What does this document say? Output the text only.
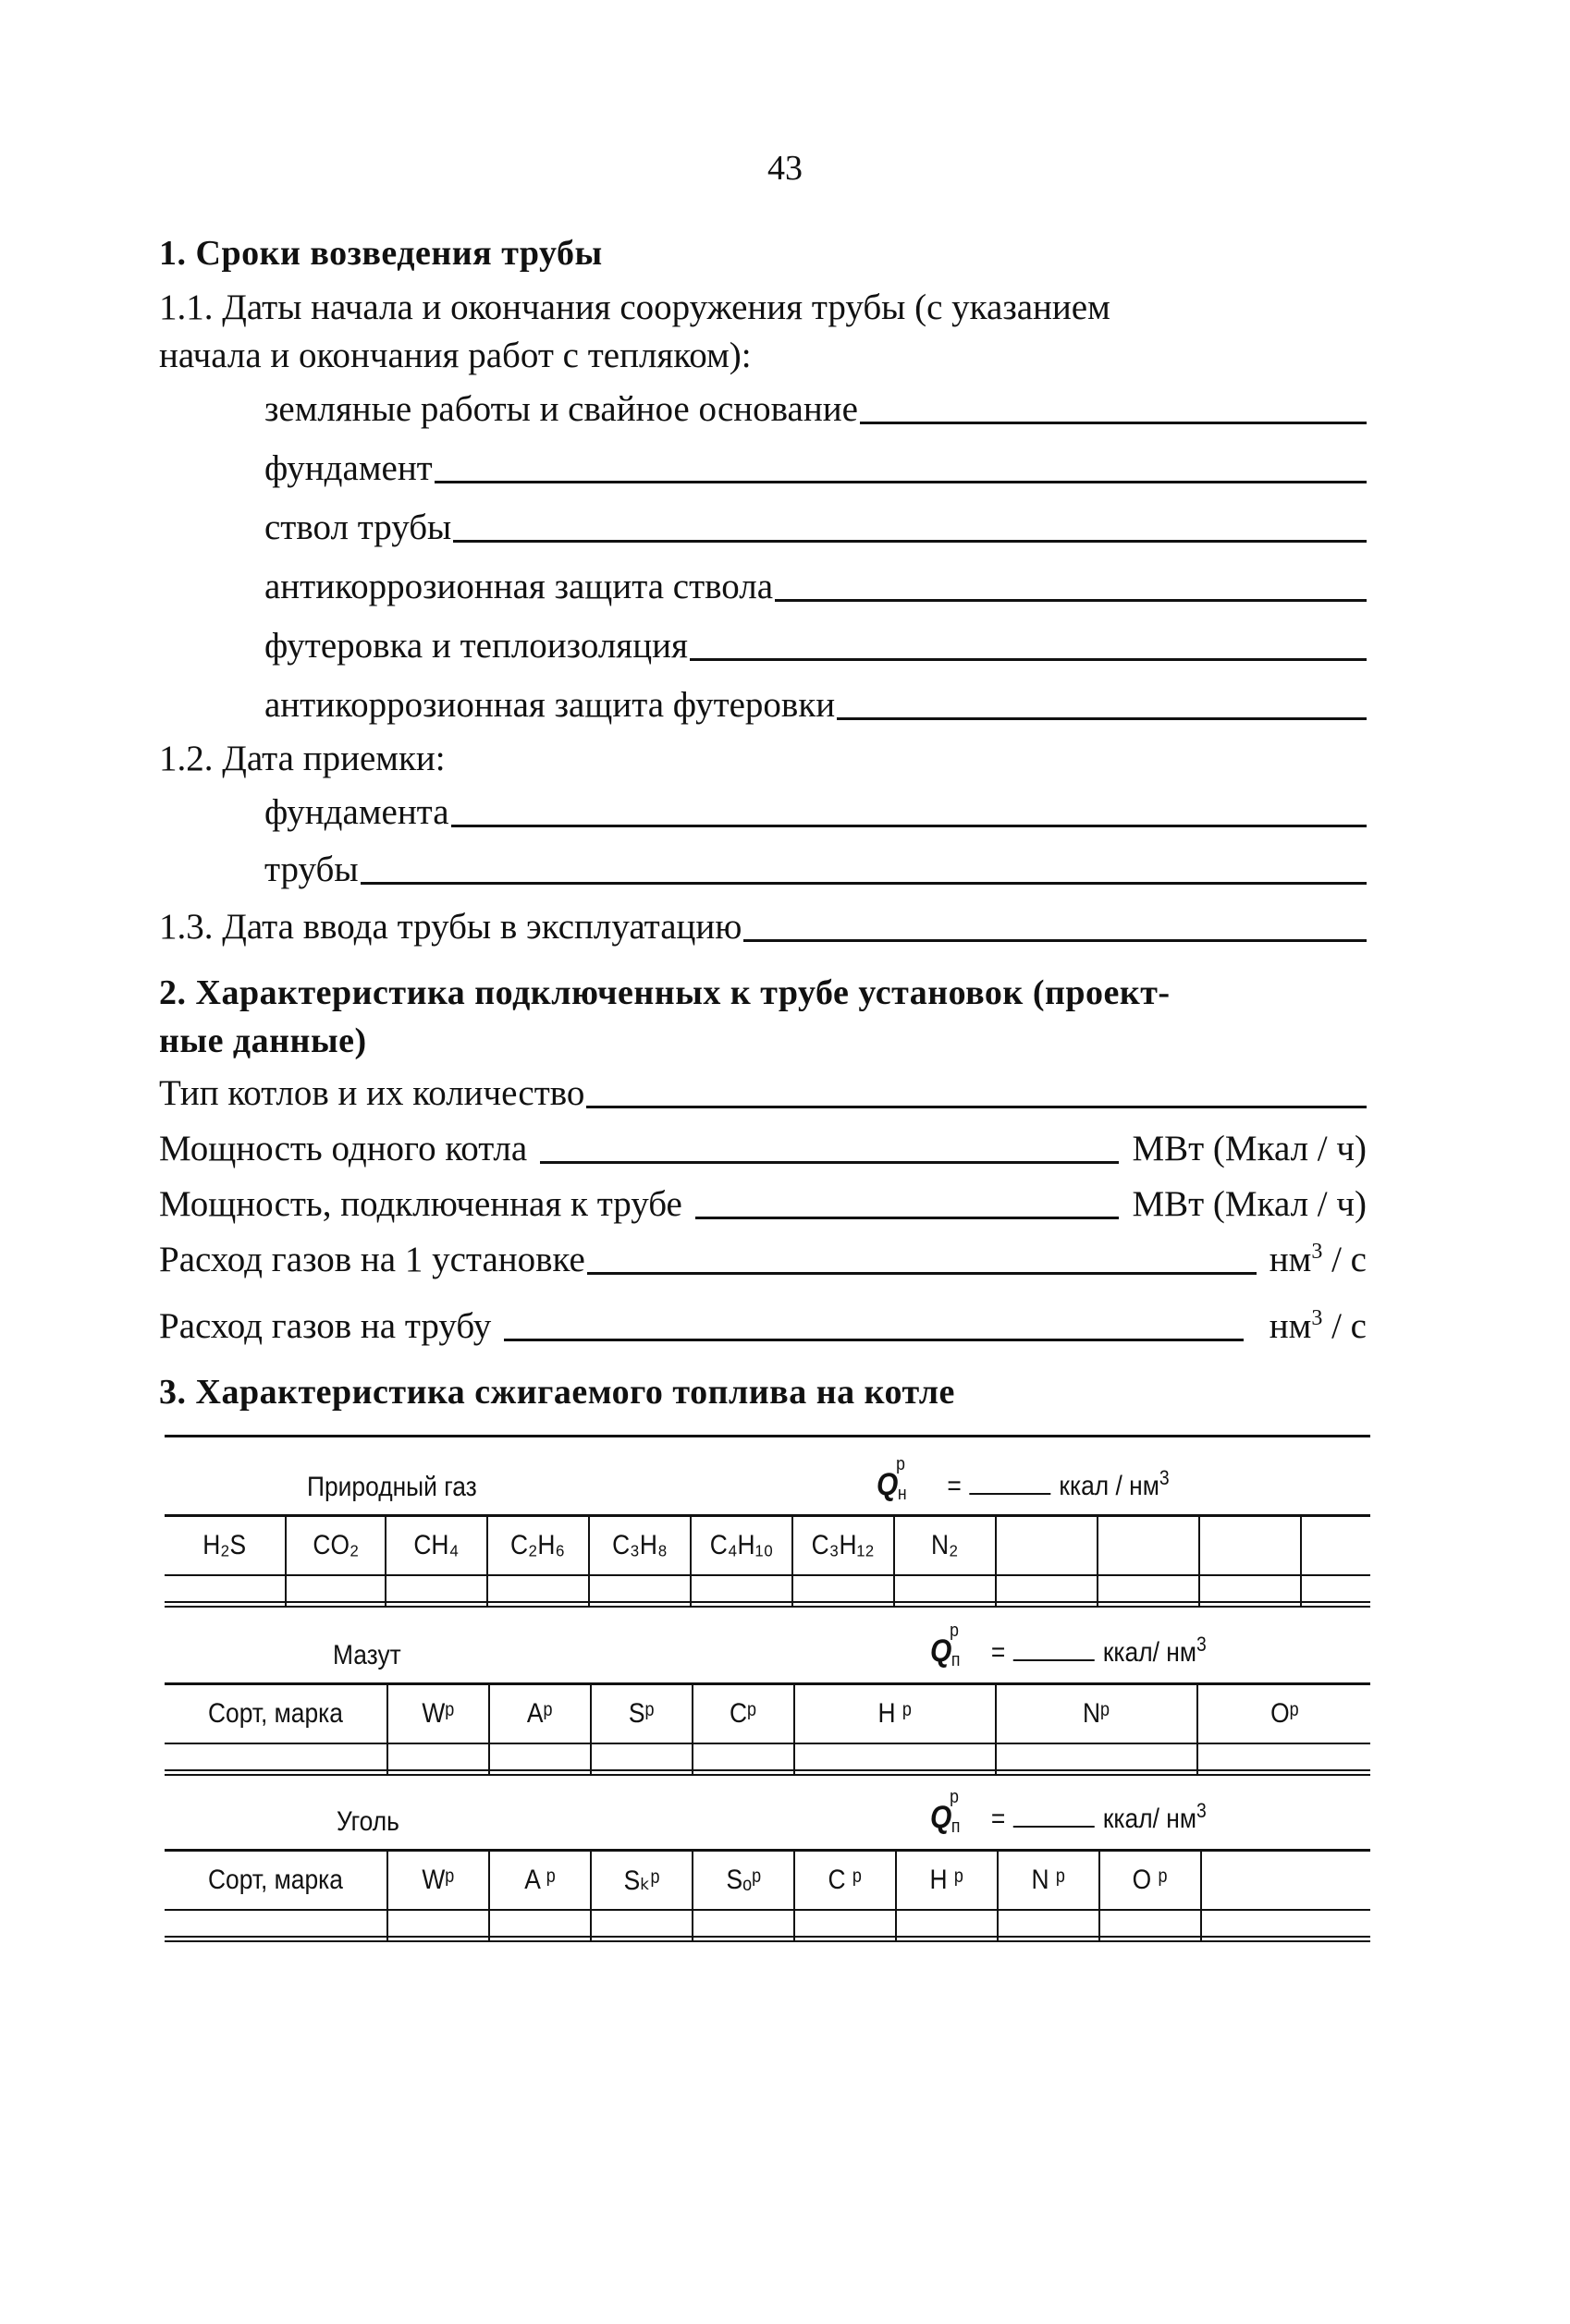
43
1. Сроки возведения трубы
1.1. Даты начала и окончания сооружения трубы (с указанием
начала и окончания работ с тепляком):
земляные работы и свайное основание
фундамент
ствол трубы
антикоррозионная защита ствола
футеровка и теплоизоляция
антикоррозионная защита футеровки
1.2. Дата приемки:
фундамента
трубы
1.3. Дата ввода трубы в эксплуатацию
2. Характеристика подключенных к трубе установок (проект-
ные данные)
Тип котлов и их количество
Мощность одного котла	МВт (Мкал / ч)
Мощность, подключенная к трубе	МВт (Мкал / ч)
Расход газов на 1 установке	$нм^3$ / с
Расход газов на трубу	$нм^3$ / с
3. Характеристика сжигаемого топлива на котле
Природный газ	Q
р
н =	ккал / $нм^3$
H₂S	CO₂	CH₄	C₂H₆	C₃H₈	C₄H₁₀	C₃H₁₂	N₂				

Мазут	Q
р
п =	ккал/ $нм^3$
Сорт, марка	Wᵖ	Aᵖ	Sᵖ	Cᵖ	H ᵖ	Nᵖ	Oᵖ

Уголь	Q
р
п =	ккал/ $нм^3$
Сорт, марка	Wᵖ	A ᵖ	Sₖᵖ	Sₒᵖ	C ᵖ	H ᵖ	N ᵖ	O ᵖ	
